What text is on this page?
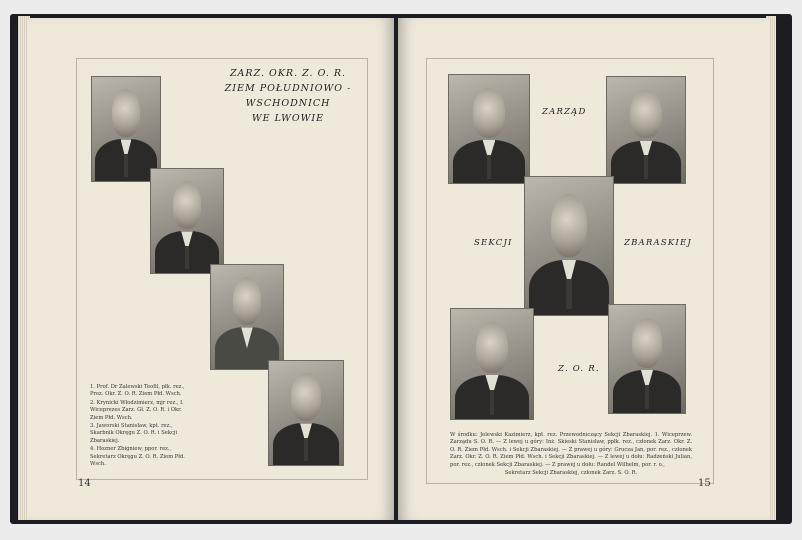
ZARZ. OKR. Z. O. R.
ZIEM POŁUDNIOWO - WSCHODNICH
WE LWOWIE

1. Prof. Dr Zalewski Teofil, płk. rez., Prez. Okr. Z. O. R. Ziem Płd. Wsch.

2. Krynicki Włodzimierz, mjr rez., I. Wiceprezes Zarz. Gł. Z. O. R. i Okr. Ziem Płd. Wsch.

3. Jaworski Stanisław, kpt. rez., Skarbnik Okręgu Z. O. R. i Sekcji Zbaraskiej.

4. Hozner Zbigniew, ppor. rez., Sekretarz Okręgu Z. O. R. Ziem Płd. Wsch.

14
ZARZĄD
SEKCJI	ZBARASKIEJ
Z. O. R.

W środku: Jelewski Kazimierz, kpt. rez. Przewodniczący Sekcji Zbaraskiej. 1. Wiceprzew. Zarządu S. O. R. — Z lewej u góry: Inż. Skieski Stanisław, ppłk. rez., członek Zarz. Okr. Z. O. R. Ziem Płd. Wsch. i Sekcji Zbaraskiej. — Z prawej u góry: Grucza Jan, por. rez., członek Zarz. Okr. Z. O. R. Ziem Płd. Wsch. i Sekcji Zbaraskiej. — Z lewej u dołu: Radzeński Julian, por. rez., członek Sekcji Zbaraskiej. — Z prawej u dołu: Randel Wilhelm, por. r. o.,

Sekretarz Sekcji Zbaraskiej, członek Zarz. S. O. R.

15
